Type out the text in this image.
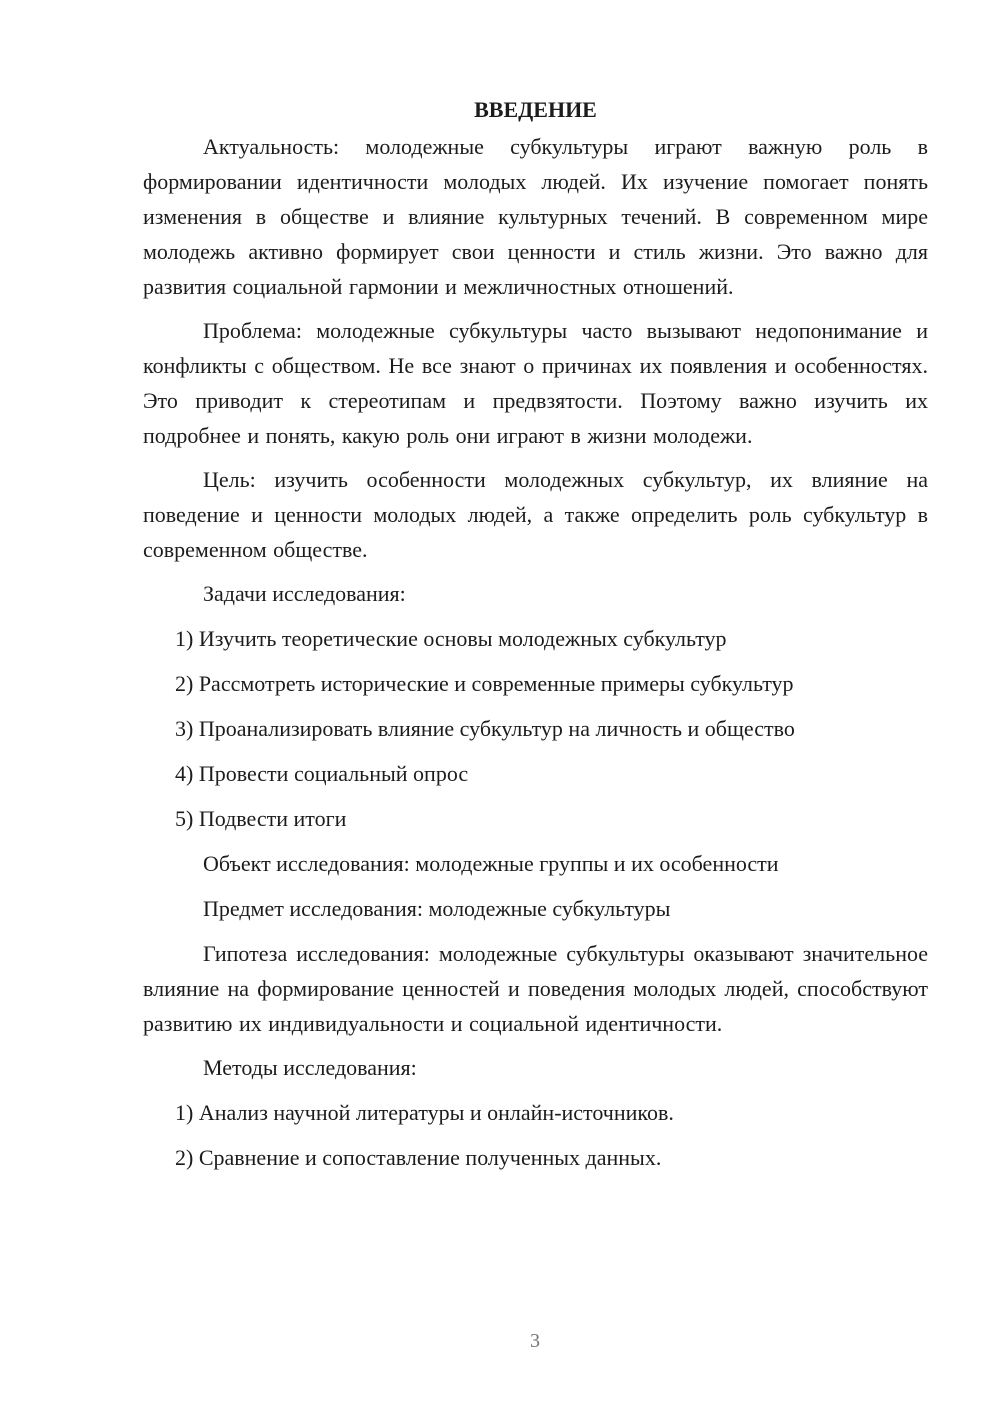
ВВЕДЕНИЕ

Актуальность: молодежные субкультуры играют важную роль в формировании идентичности молодых людей. Их изучение помогает понять изменения в обществе и влияние культурных течений. В современном мире молодежь активно формирует свои ценности и стиль жизни. Это важно для развития социальной гармонии и межличностных отношений.

Проблема: молодежные субкультуры часто вызывают недопонимание и конфликты с обществом. Не все знают о причинах их появления и особенностях. Это приводит к стереотипам и предвзятости. Поэтому важно изучить их подробнее и понять, какую роль они играют в жизни молодежи.

Цель: изучить особенности молодежных субкультур, их влияние на поведение и ценности молодых людей, а также определить роль субкультур в современном обществе.

Задачи исследования:

1) Изучить теоретические основы молодежных субкультур

2) Рассмотреть исторические и современные примеры субкультур

3) Проанализировать влияние субкультур на личность и общество

4) Провести социальный опрос

5) Подвести итоги

Объект исследования: молодежные группы и их особенности

Предмет исследования: молодежные субкультуры

Гипотеза исследования: молодежные субкультуры оказывают значительное влияние на формирование ценностей и поведения молодых людей, способствуют развитию их индивидуальности и социальной идентичности.

Методы исследования:

1) Анализ научной литературы и онлайн-источников.

2) Сравнение и сопоставление полученных данных.

3
